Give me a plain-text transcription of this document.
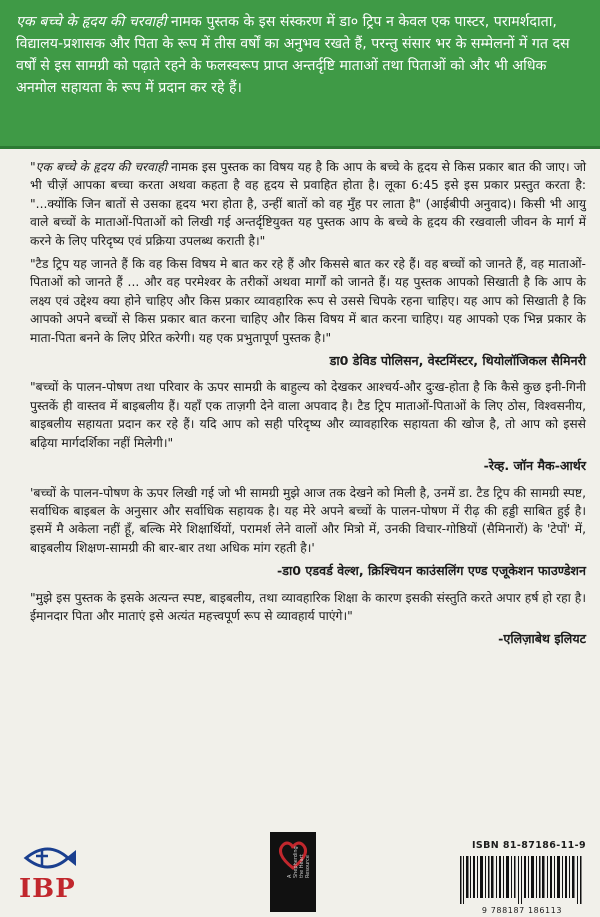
एक बच्चे के हृदय की चरवाही नामक पुस्तक के इस संस्करण में डा० ट्रिप न केवल एक पास्टर, परामर्शदाता, विद्यालय-प्रशासक और पिता के रूप में तीस वर्षों का अनुभव रखते हैं, परन्तु संसार भर के सम्मेलनों में गत दस वर्षों से इस सामग्री को पढ़ाते रहने के फलस्वरूप प्राप्त अन्तर्दृष्टि माताओं तथा पिताओं को और भी अधिक अनमोल सहायता के रूप में प्रदान कर रहे हैं।

"एक बच्चे के हृदय की चरवाही नामक इस पुस्तक का विषय यह है कि आप के बच्चे के हृदय से किस प्रकार बात की जाए। जो भी चीज़ें आपका बच्चा करता अथवा कहता है वह हृदय से प्रवाहित होता है। लूका 6:45 इसे इस प्रकार प्रस्तुत करता है: "...क्योंकि जिन बातों से उसका हृदय भरा होता है, उन्हीं बातों को वह मुँह पर लाता है" (आईबीपी अनुवाद)। किसी भी आयु वाले बच्चों के माताओं-पिताओं को लिखी गई अन्तर्दृष्टियुक्त यह पुस्तक आप के बच्चे के हृदय की रखवाली जीवन के मार्ग में करने के लिए परिदृष्य एवं प्रक्रिया उपलब्ध कराती है।"

"टैड ट्रिप यह जानते हैं कि वह किस विषय मे बात कर रहे हैं और किससे बात कर रहे हैं। वह बच्चों को जानते हैं, वह माताओं-पिताओं को जानते हैं ... और वह परमेश्वर के तरीकों अथवा मार्गों को जानते हैं। यह पुस्तक आपको सिखाती है कि आप के लक्ष्य एवं उद्देश्य क्या होने चाहिए और किस प्रकार व्यावहारिक रूप से उससे चिपके रहना चाहिए। यह आप को सिखाती है कि आपको अपने बच्चों से किस प्रकार बात करना चाहिए और किस विषय में बात करना चाहिए। यह आपको एक भिन्न प्रकार के माता-पिता बनने के लिए प्रेरित करेगी। यह एक प्रभुतापूर्ण पुस्तक है।"

डा0 डेविड पोलिसन, वेस्टमिंस्टर, थियोलॉजिकल सैमिनरी

"बच्चों के पालन-पोषण तथा परिवार के ऊपर सामग्री के बाहुल्य को देखकर आश्चर्य-और दुःख-होता है कि कैसे कुछ इनी-गिनी पुस्तकें ही वास्तव में बाइबलीय हैं। यहाँ एक ताज़गी देने वाला अपवाद है। टैड ट्रिप माताओं-पिताओं के लिए ठोस, विश्वसनीय, बाइबलीय सहायता प्रदान कर रहे हैं। यदि आप को सही परिदृष्य और व्यावहारिक सहायता की खोज है, तो आप को इससे बढ़िया मार्गदर्शिका नहीं मिलेगी।"

-रेव्ह. जॉन मैक-आर्थर

'बच्चों के पालन-पोषण के ऊपर लिखी गई जो भी सामग्री मुझे आज तक देखने को मिली है, उनमें डा. टैड ट्रिप की सामग्री स्पष्ट, सर्वाधिक बाइबल के अनुसार और सर्वाधिक सहायक है। यह मेरे अपने बच्चों के पालन-पोषण में रीढ़ की हड्डी साबित हुई है। इसमें मै अकेला नहीं हूँ, बल्कि मेरे शिक्षार्थियों, परामर्श लेने वालों और मित्रो में, उनकी विचार-गोष्ठियों (सैमिनारों) के 'टेपों' में, बाइबलीय शिक्षण-सामग्री की बार-बार तथा अधिक मांग रहती है।'

-डा0 एडवर्ड वेल्श, क्रिश्चियन काउंसलिंग एण्ड एजूकेशन फाउण्डेशन

"मुझे इस पुस्तक के इसके अत्यन्त स्पष्ट, बाइबलीय, तथा व्यावहारिक शिक्षा के कारण इसकी संस्तुति करते अपार हर्ष हो रहा है। ईमानदार पिता और माताएं इसे अत्यंत महत्त्वपूर्ण रूप से व्यावहार्य पाएंगे।"

-एलिज़ाबेथ इलियट
IBP	A Shepherding the Heart Resource
ISBN 81-87186-11-9
9 788187 186113
